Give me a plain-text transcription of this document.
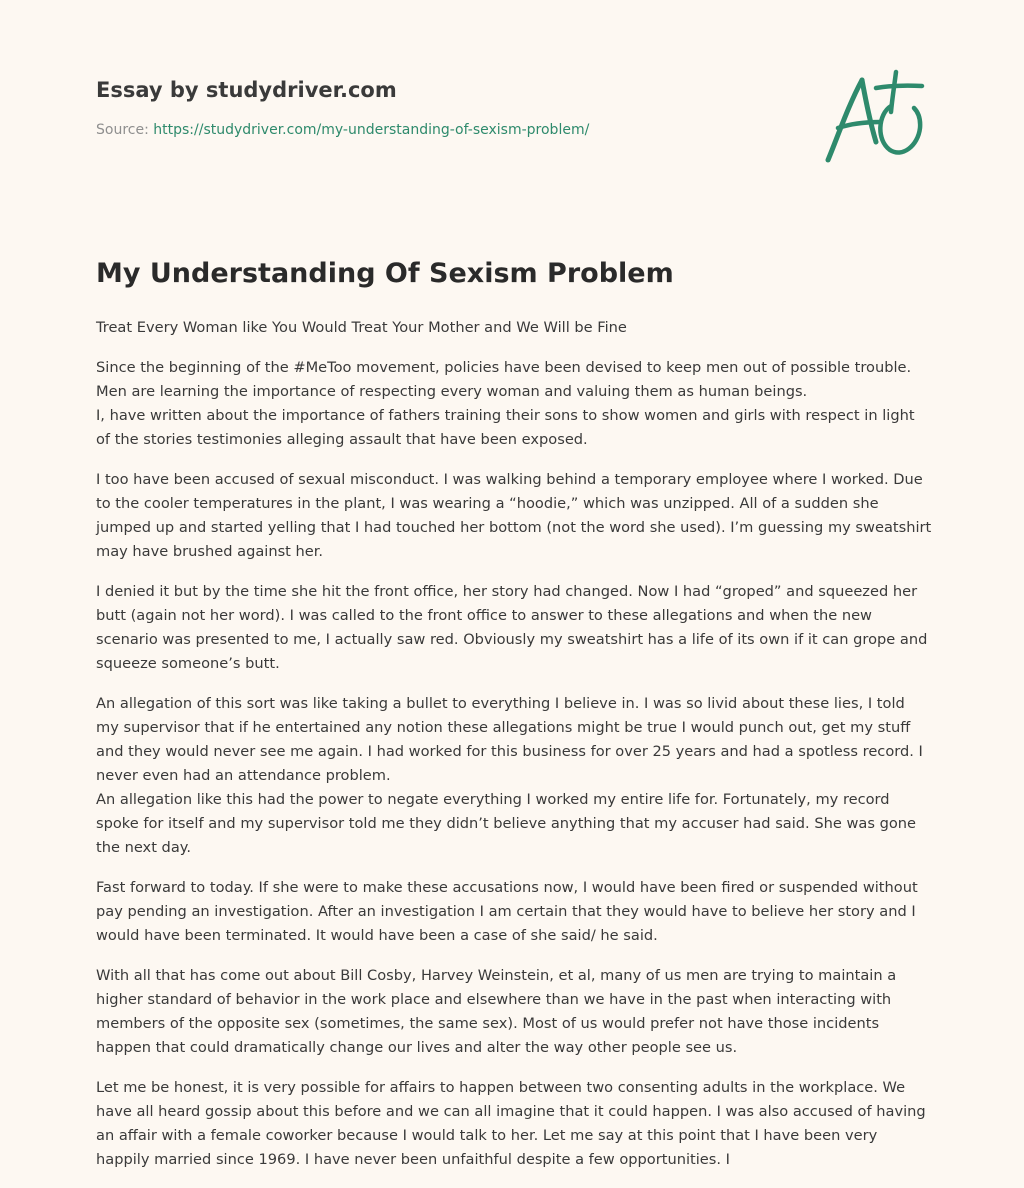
Essay by studydriver.com
Source: https://studydriver.com/my-understanding-of-sexism-problem/
My Understanding Of Sexism Problem

Treat Every Woman like You Would Treat Your Mother and We Will be Fine

Since the beginning of the #MeToo movement, policies have been devised to keep men out of possible trouble. Men are learning the importance of respecting every woman and valuing them as human beings.
I, have written about the importance of fathers training their sons to show women and girls with respect in light of the stories testimonies alleging assault that have been exposed.

I too have been accused of sexual misconduct. I was walking behind a temporary employee where I worked. Due to the cooler temperatures in the plant, I was wearing a “hoodie,” which was unzipped. All of a sudden she jumped up and started yelling that I had touched her bottom (not the word she used). I’m guessing my sweatshirt may have brushed against her.

I denied it but by the time she hit the front office, her story had changed. Now I had “groped” and squeezed her butt (again not her word). I was called to the front office to answer to these allegations and when the new scenario was presented to me, I actually saw red. Obviously my sweatshirt has a life of its own if it can grope and squeeze someone’s butt.

An allegation of this sort was like taking a bullet to everything I believe in. I was so livid about these lies, I told my supervisor that if he entertained any notion these allegations might be true I would punch out, get my stuff and they would never see me again. I had worked for this business for over 25 years and had a spotless record. I never even had an attendance problem.
An allegation like this had the power to negate everything I worked my entire life for. Fortunately, my record spoke for itself and my supervisor told me they didn’t believe anything that my accuser had said. She was gone the next day.

Fast forward to today. If she were to make these accusations now, I would have been fired or suspended without pay pending an investigation. After an investigation I am certain that they would have to believe her story and I would have been terminated. It would have been a case of she said/ he said.

With all that has come out about Bill Cosby, Harvey Weinstein, et al, many of us men are trying to maintain a higher standard of behavior in the work place and elsewhere than we have in the past when interacting with members of the opposite sex (sometimes, the same sex). Most of us would prefer not have those incidents happen that could dramatically change our lives and alter the way other people see us.

Let me be honest, it is very possible for affairs to happen between two consenting adults in the workplace. We have all heard gossip about this before and we can all imagine that it could happen. I was also accused of having an affair with a female coworker because I would talk to her. Let me say at this point that I have been very happily married since 1969. I have never been unfaithful despite a few opportunities. I
